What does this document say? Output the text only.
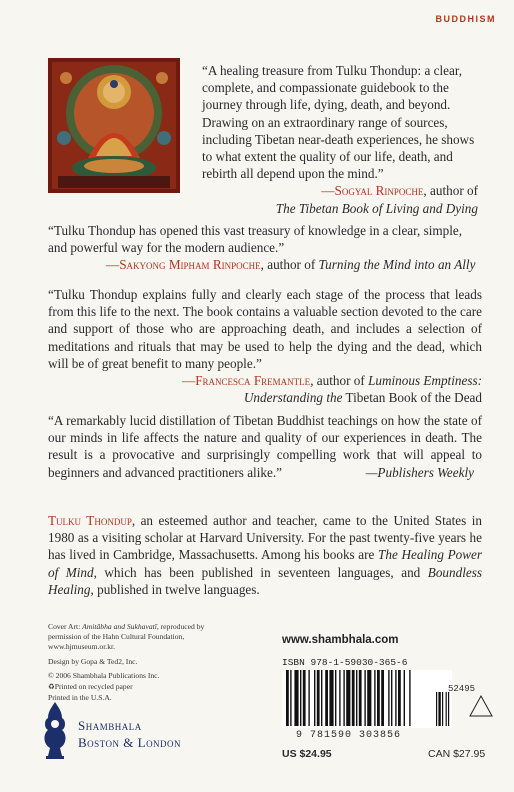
BUDDHISM
“A healing treasure from Tulku Thondup: a clear, complete, and compassionate guidebook to the journey through life, dying, death, and beyond. Drawing on an extraordinary range of sources, including Tibetan near-death experiences, he shows to what extent the quality of our life, death, and rebirth all depend upon the mind.”
—Sogyal Rinpoche, author of
The Tibetan Book of Living and Dying
“Tulku Thondup has opened this vast treasury of knowledge in a clear, simple, and powerful way for the modern audience.”
—Sakyong Mipham Rinpoche, author of Turning the Mind into an Ally
“Tulku Thondup explains fully and clearly each stage of the process that leads from this life to the next. The book contains a valuable section devoted to the care and support of those who are approaching death, and includes a selection of meditations and rituals that may be used to help the dying and the dead, which will be of great benefit to many people.”
—Francesca Fremantle, author of Luminous Emptiness:
Understanding the Tibetan Book of the Dead
“A remarkably lucid distillation of Tibetan Buddhist teachings on how the state of our minds in life affects the nature and quality of our experiences in death. The result is a provocative and surprisingly compelling work that will appeal to beginners and advanced practitioners alike.”	—Publishers Weekly
Tulku Thondup, an esteemed author and teacher, came to the United States in 1980 as a visiting scholar at Harvard University. For the past twenty-five years he has lived in Cambridge, Massachusetts. Among his books are The Healing Power of Mind, which has been published in seventeen languages, and Boundless Healing, published in twelve languages.

Cover Art: Amitābha and Sukhavatī, reproduced by permission of the Hahn Cultural Foundation, www.hjmuseum.or.kr.

Design by Gopa & Ted2, Inc.

© 2006 Shambhala Publications Inc.

♻Printed on recycled paper

Printed in the U.S.A.

Shambhala
Boston & London
www.shambhala.com
ISBN 978-1-59030-365-6
52495
9 781590 303856
US $24.95	CAN $27.95
